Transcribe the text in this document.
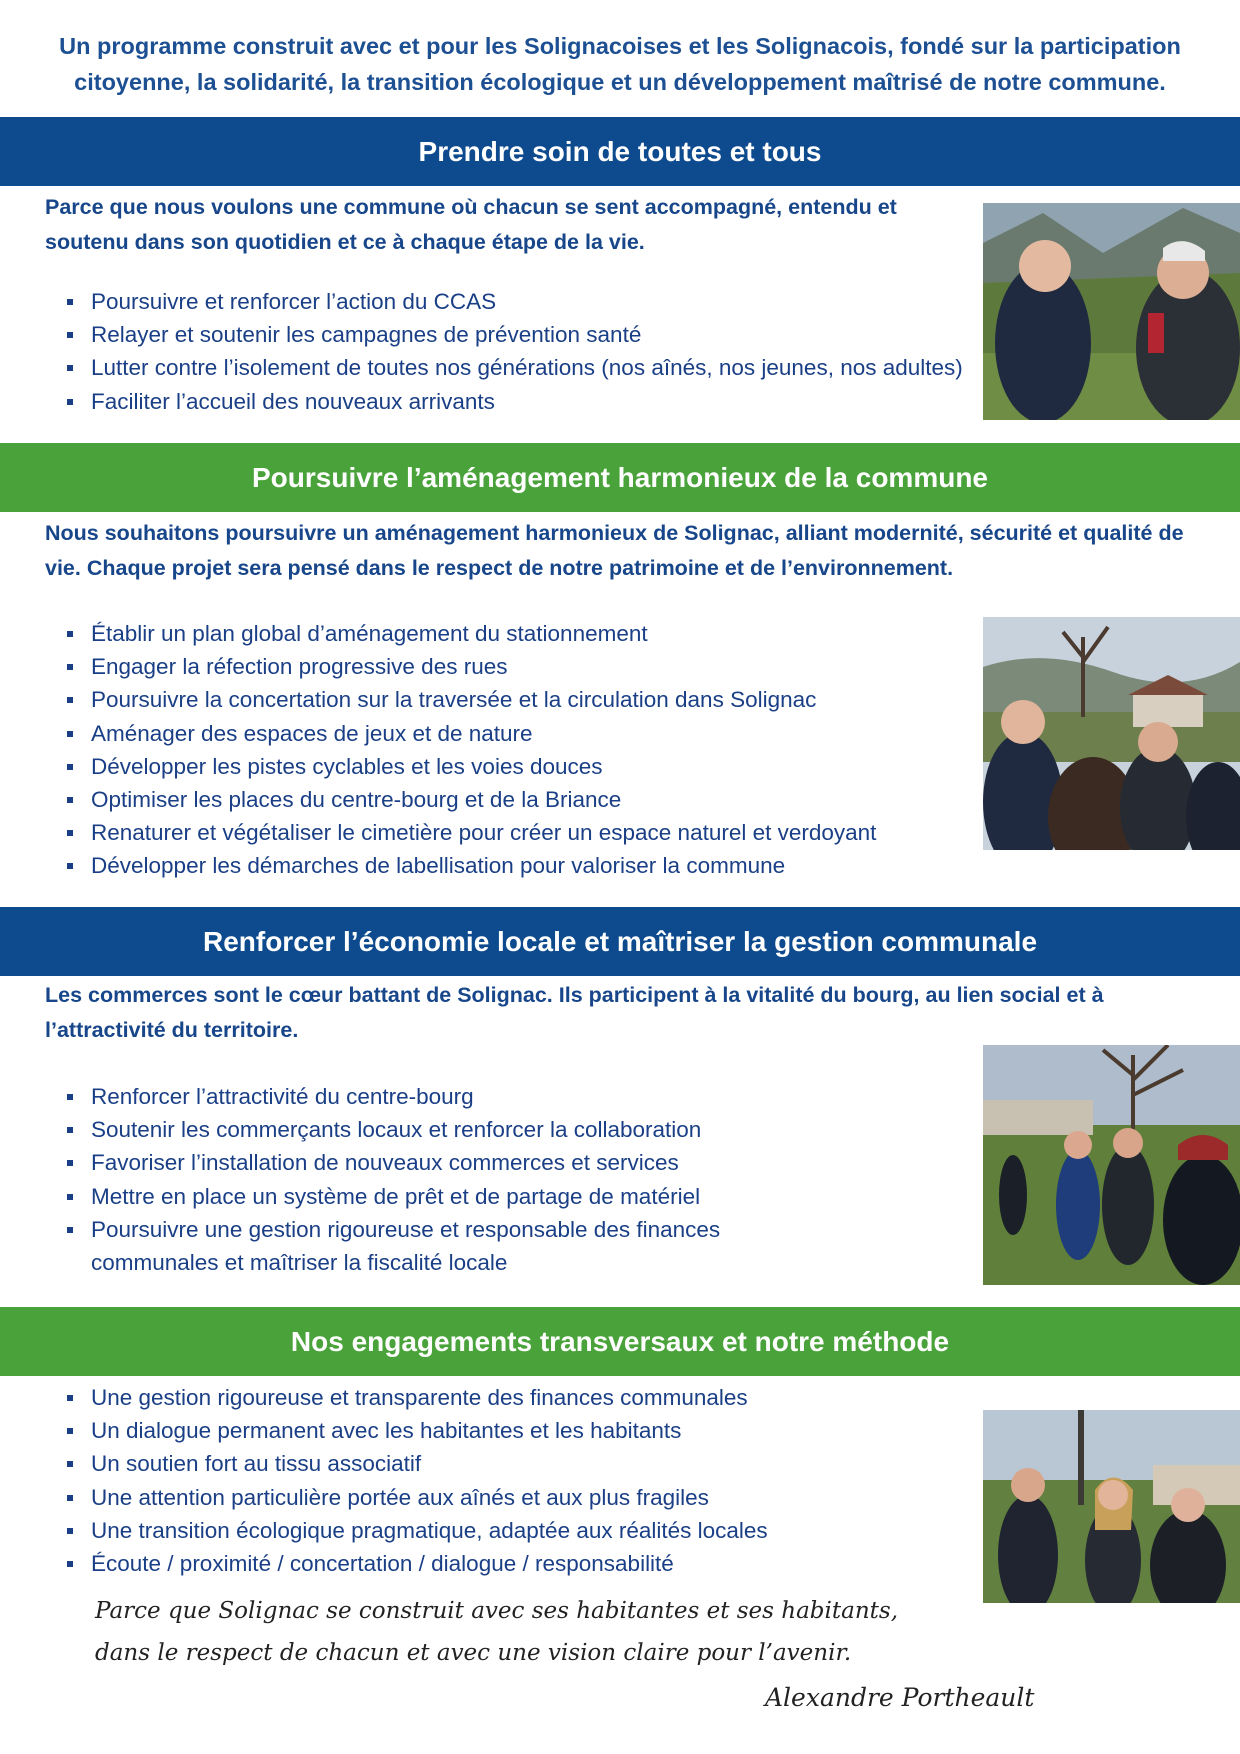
Un programme construit avec et pour les Solignacoises et les Solignacois, fondé sur la participation citoyenne, la solidarité, la transition écologique et un développement maîtrisé de notre commune.
Prendre soin de toutes et tous
Parce que nous voulons une commune où chacun se sent accompagné, entendu et soutenu dans son quotidien et ce à chaque étape de la vie.
Poursuivre et renforcer l’action du CCAS
Relayer et soutenir les campagnes de prévention santé
Lutter contre l’isolement de toutes nos générations (nos aînés, nos jeunes, nos adultes)
Faciliter l’accueil des nouveaux arrivants
Poursuivre l’aménagement harmonieux de la commune
Nous souhaitons poursuivre un aménagement harmonieux de Solignac, alliant modernité, sécurité et qualité de vie. Chaque projet sera pensé dans le respect de notre patrimoine et de l’environnement.
Établir un plan global d’aménagement du stationnement
Engager la réfection progressive des rues
Poursuivre la concertation sur la traversée et la circulation dans Solignac
Aménager des espaces de jeux et de nature
Développer les pistes cyclables et les voies douces
Optimiser les places du centre-bourg et de la Briance
Renaturer et végétaliser le cimetière pour créer un espace naturel et verdoyant
Développer les démarches de labellisation pour valoriser la commune
Renforcer l’économie locale et maîtriser la gestion communale
Les commerces sont le cœur battant de Solignac. Ils participent à la vitalité du bourg, au lien social et à l’attractivité du territoire.
Renforcer l’attractivité du centre-bourg
Soutenir les commerçants locaux et renforcer la collaboration
Favoriser l’installation de nouveaux commerces et services
Mettre en place un système de prêt et de partage de matériel
Poursuivre une gestion rigoureuse et responsable des finances communales et maîtriser la fiscalité locale
Nos engagements transversaux et notre méthode
Une gestion rigoureuse et transparente des finances communales
Un dialogue permanent avec les habitantes et les habitants
Un soutien fort au tissu associatif
Une attention particulière portée aux aînés et aux plus fragiles
Une transition écologique pragmatique, adaptée aux réalités locales
Écoute / proximité / concertation / dialogue / responsabilité
Parce que Solignac se construit avec ses habitantes et ses habitants, dans le respect de chacun et avec une vision claire pour l’avenir.
Alexandre Portheault
